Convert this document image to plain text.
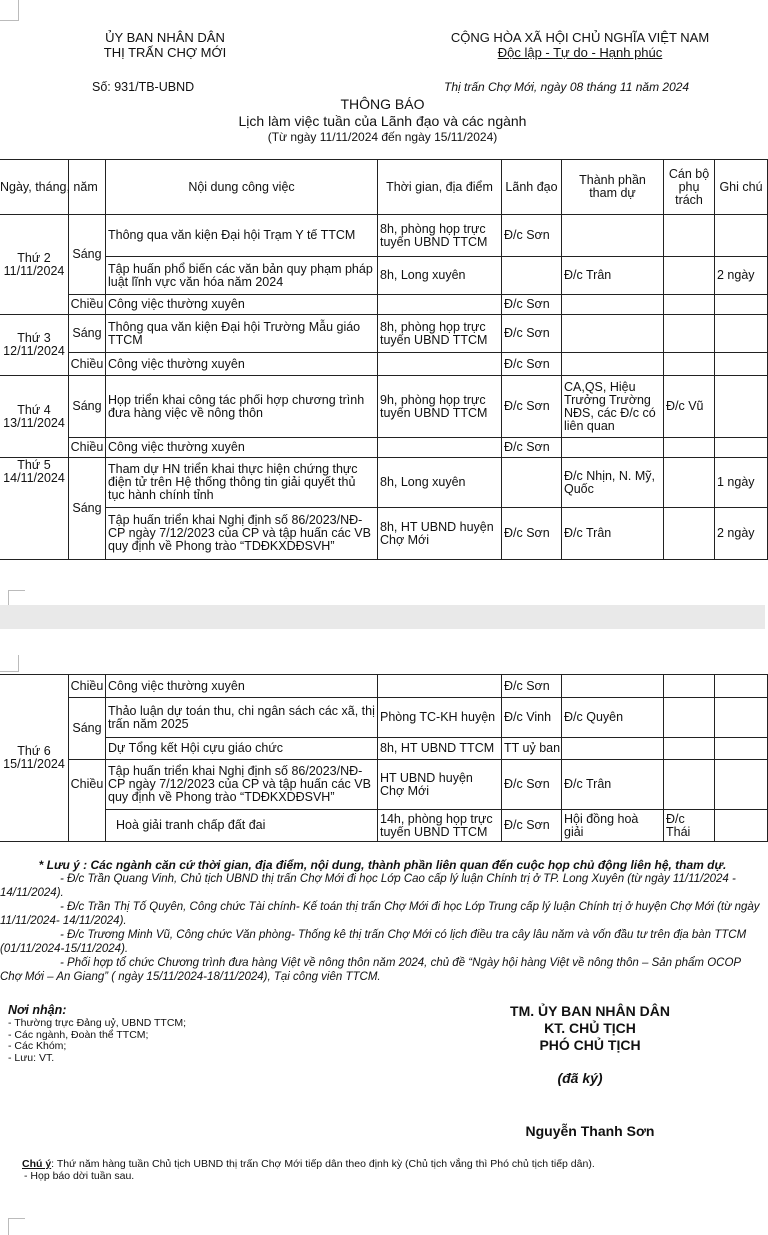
ỦY BAN NHÂN DÂN
THỊ TRẤN CHỢ MỚI
CỘNG HÒA XÃ HỘI CHỦ NGHĨA VIỆT NAM
Độc lập - Tự do - Hạnh phúc
Số: 931/TB-UBND	Thị trấn Chợ Mới, ngày 08 tháng 11 năm 2024
THÔNG BÁO
Lịch làm việc tuần của Lãnh đạo và các ngành
(Từ ngày 11/11/2024 đến ngày 15/11/2024)
Ngày, tháng, năm		Nội dung công việc	Thời gian, địa điểm	Lãnh đạo	Thành phần tham dự	Cán bộ phụ trách	Ghi chú
Thứ 2
11/11/2024	Sáng	Thông qua văn kiện Đại hội Trạm Y tế TTCM	8h, phòng họp trực tuyến UBND TTCM	Đ/c Sơn			
		Tập huấn phổ biến các văn bản quy phạm pháp luật lĩnh vực văn hóa năm 2024	8h, Long xuyên		Đ/c Trân		2 ngày
	Chiều	Công việc thường xuyên		Đ/c Sơn			
Thứ 3
12/11/2024	Sáng	Thông qua văn kiện Đại hội Trường Mẫu giáo TTCM	8h, phòng họp trực tuyến UBND TTCM	Đ/c Sơn			
	Chiều	Công việc thường xuyên		Đ/c Sơn			
Thứ 4
13/11/2024	Sáng	Họp triển khai công tác phối hợp chương trình đưa hàng việc về nông thôn	9h, phòng họp trực tuyến UBND TTCM	Đ/c Sơn	CA,QS, Hiệu Trưởng Trường NĐS, các Đ/c có liên quan	Đ/c Vũ	
	Chiều	Công việc thường xuyên		Đ/c Sơn			
Thứ 5
14/11/2024	Sáng	Tham dự HN triển khai thực hiện chứng thực điện tử trên Hệ thống thông tin giải quyết thủ tục hành chính tỉnh	8h, Long xuyên		Đ/c Nhịn, N. Mỹ, Quốc		1 ngày
		Tập huấn triển khai Nghị định số 86/2023/NĐ-CP ngày 7/12/2023 của CP và tập huấn các VB quy định về Phong trào “TDĐKXDĐSVH”	8h, HT UBND huyện Chợ Mới	Đ/c Sơn	Đ/c Trân		2 ngày
Thứ 6
15/11/2024	Chiều	Công việc thường xuyên		Đ/c Sơn			
	Sáng	Thảo luận dự toán thu, chi ngân sách các xã, thị trấn năm 2025	Phòng TC-KH huyện	Đ/c Vinh	Đ/c Quyên		
		Dự Tổng kết Hội cựu giáo chức	8h, HT UBND TTCM	TT uỷ ban			
	Chiều	Tập huấn triển khai Nghị định số 86/2023/NĐ-CP ngày 7/12/2023 của CP và tập huấn các VB quy định về Phong trào “TDĐKXDĐSVH”	HT UBND huyện Chợ Mới	Đ/c Sơn	Đ/c Trân		
		Hoà giải tranh chấp đất đai	14h, phòng họp trực tuyến UBND TTCM	Đ/c Sơn	Hội đồng hoà giải	Đ/c Thái	

* Lưu ý : Các ngành căn cứ thời gian, địa điểm, nội dung, thành phần liên quan đến cuộc họp chủ động liên hệ, tham dự.

- Đ/c Trần Quang Vinh, Chủ tịch UBND thị trấn Chợ Mới đi học Lớp Cao cấp lý luận Chính trị ở TP. Long Xuyên (từ ngày 11/11/2024 - 14/11/2024).

- Đ/c Trần Thị Tố Quyên, Công chức Tài chính- Kế toán thị trấn Chợ Mới đi học Lớp Trung cấp lý luận Chính trị ở huyện Chợ Mới (từ ngày 11/11/2024- 14/11/2024).

- Đ/c Trương Minh Vũ, Công chức Văn phòng- Thống kê thị trấn Chợ Mới có lịch điều tra cây lâu năm và vốn đầu tư trên địa bàn TTCM (01/11/2024-15/11/2024).

- Phối hợp tổ chức Chương trình đưa hàng Việt về nông thôn năm 2024, chủ đề “Ngày hội hàng Việt về nông thôn – Sản phẩm OCOP Chợ Mới – An Giang” ( ngày 15/11/2024-18/11/2024), Tại công viên TTCM.

Nơi nhận:
- Thường trực Đảng uỷ, UBND TTCM;
- Các ngành, Đoàn thể TTCM;
- Các Khóm;
- Lưu: VT.
TM. ỦY BAN NHÂN DÂN
KT. CHỦ TỊCH
PHÓ CHỦ TỊCH
(đã ký)
Nguyễn Thanh Sơn
Chú ý: Thứ năm hàng tuần Chủ tịch UBND thị trấn Chợ Mới tiếp dân theo định kỳ (Chủ tịch vắng thì Phó chủ tịch tiếp dân).
- Họp báo dời tuần sau.
